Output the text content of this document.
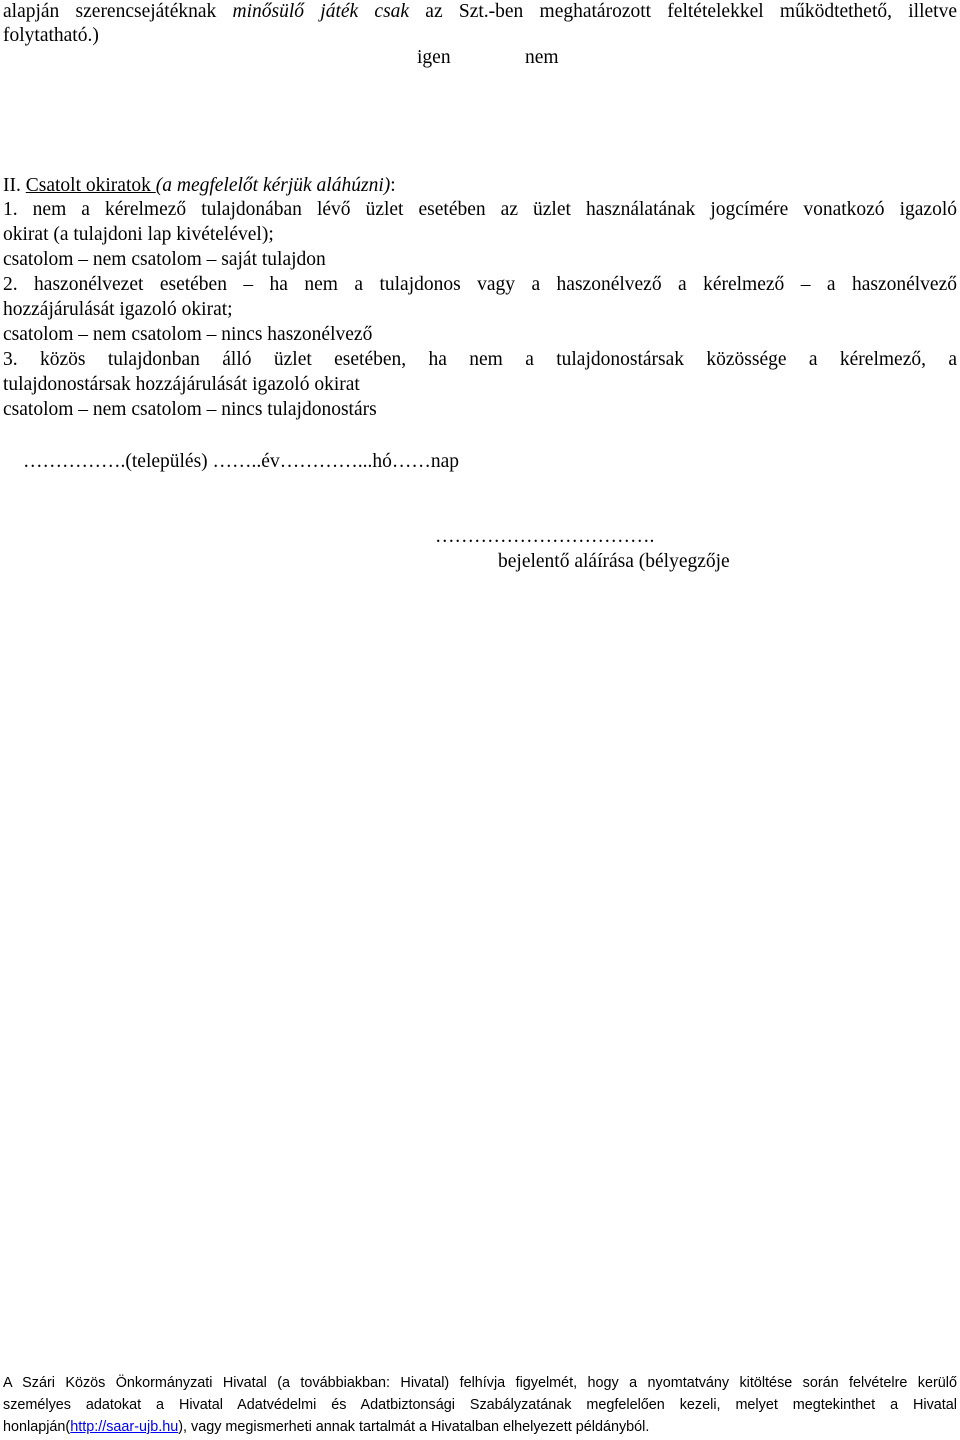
alapján szerencsejátéknak minősülő játék csak az Szt.-ben meghatározott feltételekkel működtethető, illetve

folytatható.)

igen	nem

II. Csatolt okiratok (a megfelelőt kérjük aláhúzni):

1. nem a kérelmező tulajdonában lévő üzlet esetében az üzlet használatának jogcímére vonatkozó igazoló

okirat (a tulajdoni lap kivételével);

csatolom – nem csatolom – saját tulajdon

2. haszonélvezet esetében – ha nem a tulajdonos vagy a haszonélvező a kérelmező – a haszonélvező

hozzájárulását igazoló okirat;

csatolom – nem csatolom – nincs haszonélvező

3. közös tulajdonban álló üzlet esetében, ha nem a tulajdonostársak közössége a kérelmező, a

tulajdonostársak hozzájárulását igazoló okirat

csatolom – nem csatolom – nincs tulajdonostárs

…………….(település) ……..év…………...hó……nap

…………………………….

bejelentő aláírása (bélyegzője

A Szári Közös Önkormányzati Hivatal (a továbbiakban: Hivatal) felhívja figyelmét, hogy a nyomtatvány kitöltése során felvételre kerülő
személyes adatokat a Hivatal Adatvédelmi és Adatbiztonsági Szabályzatának megfelelően kezeli, melyet megtekinthet a Hivatal
honlapján(http://saar-ujb.hu), vagy megismerheti annak tartalmát a Hivatalban elhelyezett példányból.
